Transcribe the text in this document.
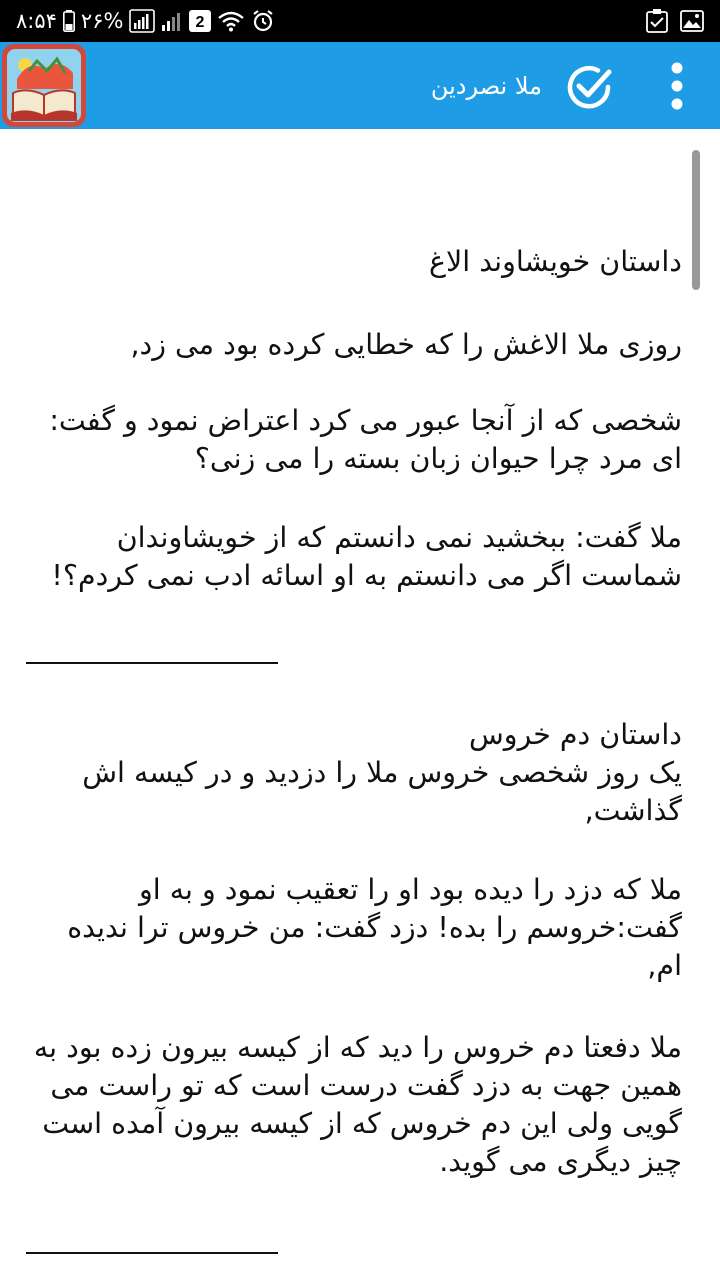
۸:۵۴ ۲۶%	2
ملا نصردین
داستان خویشاوند الاغ
روزی ملا الاغش را که خطایی کرده بود می زد,
شخصی که از آنجا عبور می کرد اعتراض نمود و گفت: ای مرد چرا حیوان زبان بسته را می زنی؟
ملا گفت: ببخشید نمی دانستم که از خویشاوندان شماست اگر می دانستم به او اسائه ادب نمی کردم؟!
داستان دم خروس
یک روز شخصی خروس ملا را دزدید و در کیسه اش گذاشت,
ملا که دزد را دیده بود او را تعقیب نمود و به او گفت:خروسم را بده! دزد گفت: من خروس ترا ندیده ام,
ملا دفعتا دم خروس را دید که از کیسه بیرون زده بود به همین جهت به دزد گفت درست است که تو راست می گویی ولی این دم خروس که از کیسه بیرون آمده است چیز دیگری می گوید.
